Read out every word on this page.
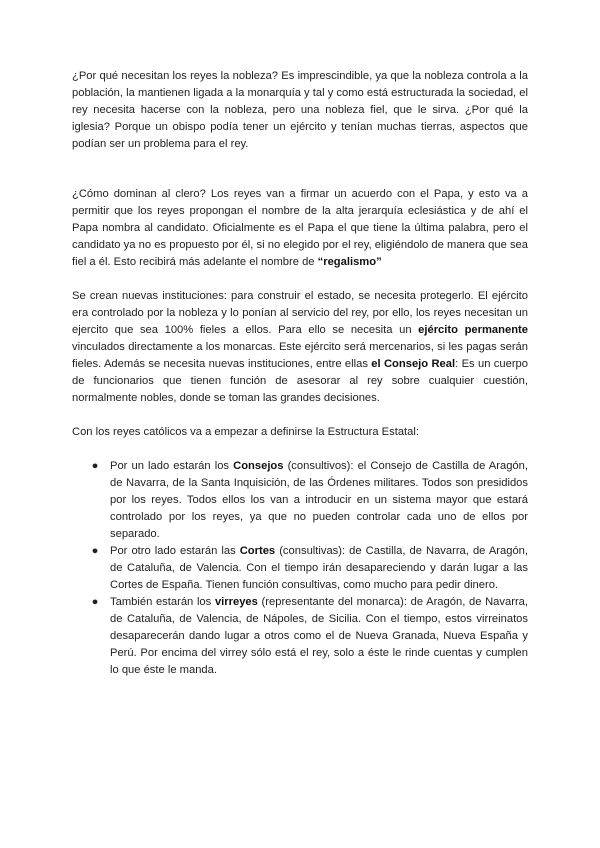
¿Por qué necesitan los reyes la nobleza? Es imprescindible, ya que la nobleza controla a la población, la mantienen ligada a la monarquía y tal y como está estructurada la sociedad, el rey necesita hacerse con la nobleza, pero una nobleza fiel, que le sirva. ¿Por qué la iglesia? Porque un obispo podía tener un ejército y tenían muchas tierras, aspectos que podían ser un problema para el rey.

¿Cómo dominan al clero? Los reyes van a firmar un acuerdo con el Papa, y esto va a permitir que los reyes propongan el nombre de la alta jerarquía eclesiástica y de ahí el Papa nombra al candidato. Oficialmente es el Papa el que tiene la última palabra, pero el candidato ya no es propuesto por él, si no elegido por el rey, eligiéndolo de manera que sea fiel a él. Esto recibirá más adelante el nombre de “regalismo”

Se crean nuevas instituciones: para construir el estado, se necesita protegerlo. El ejército era controlado por la nobleza y lo ponían al servicio del rey, por ello, los reyes necesitan un ejercito que sea 100% fieles a ellos. Para ello se necesita un ejército permanente vinculados directamente a los monarcas. Este ejército será mercenarios, si les pagas serán fieles. Además se necesita nuevas instituciones, entre ellas el Consejo Real: Es un cuerpo de funcionarios que tienen función de asesorar al rey sobre cualquier cuestión, normalmente nobles, donde se toman las grandes decisiones.

Con los reyes católicos va a empezar a definirse la Estructura Estatal:

● Por un lado estarán los Consejos (consultivos): el Consejo de Castilla de Aragón, de Navarra, de la Santa Inquisición, de las Órdenes militares. Todos son presididos por los reyes. Todos ellos los van a introducir en un sistema mayor que estará controlado por los reyes, ya que no pueden controlar cada uno de ellos por separado.
● Por otro lado estarán las Cortes (consultivas): de Castilla, de Navarra, de Aragón, de Cataluña, de Valencia. Con el tiempo irán desapareciendo y darán lugar a las Cortes de España. Tienen función consultivas, como mucho para pedir dinero.
● También estarán los virreyes (representante del monarca): de Aragón, de Navarra, de Cataluña, de Valencia, de Nápoles, de Sicilia. Con el tiempo, estos virreinatos desaparecerán dando lugar a otros como el de Nueva Granada, Nueva España y Perú. Por encima del virrey sólo está el rey, solo a éste le rinde cuentas y cumplen lo que éste le manda.
